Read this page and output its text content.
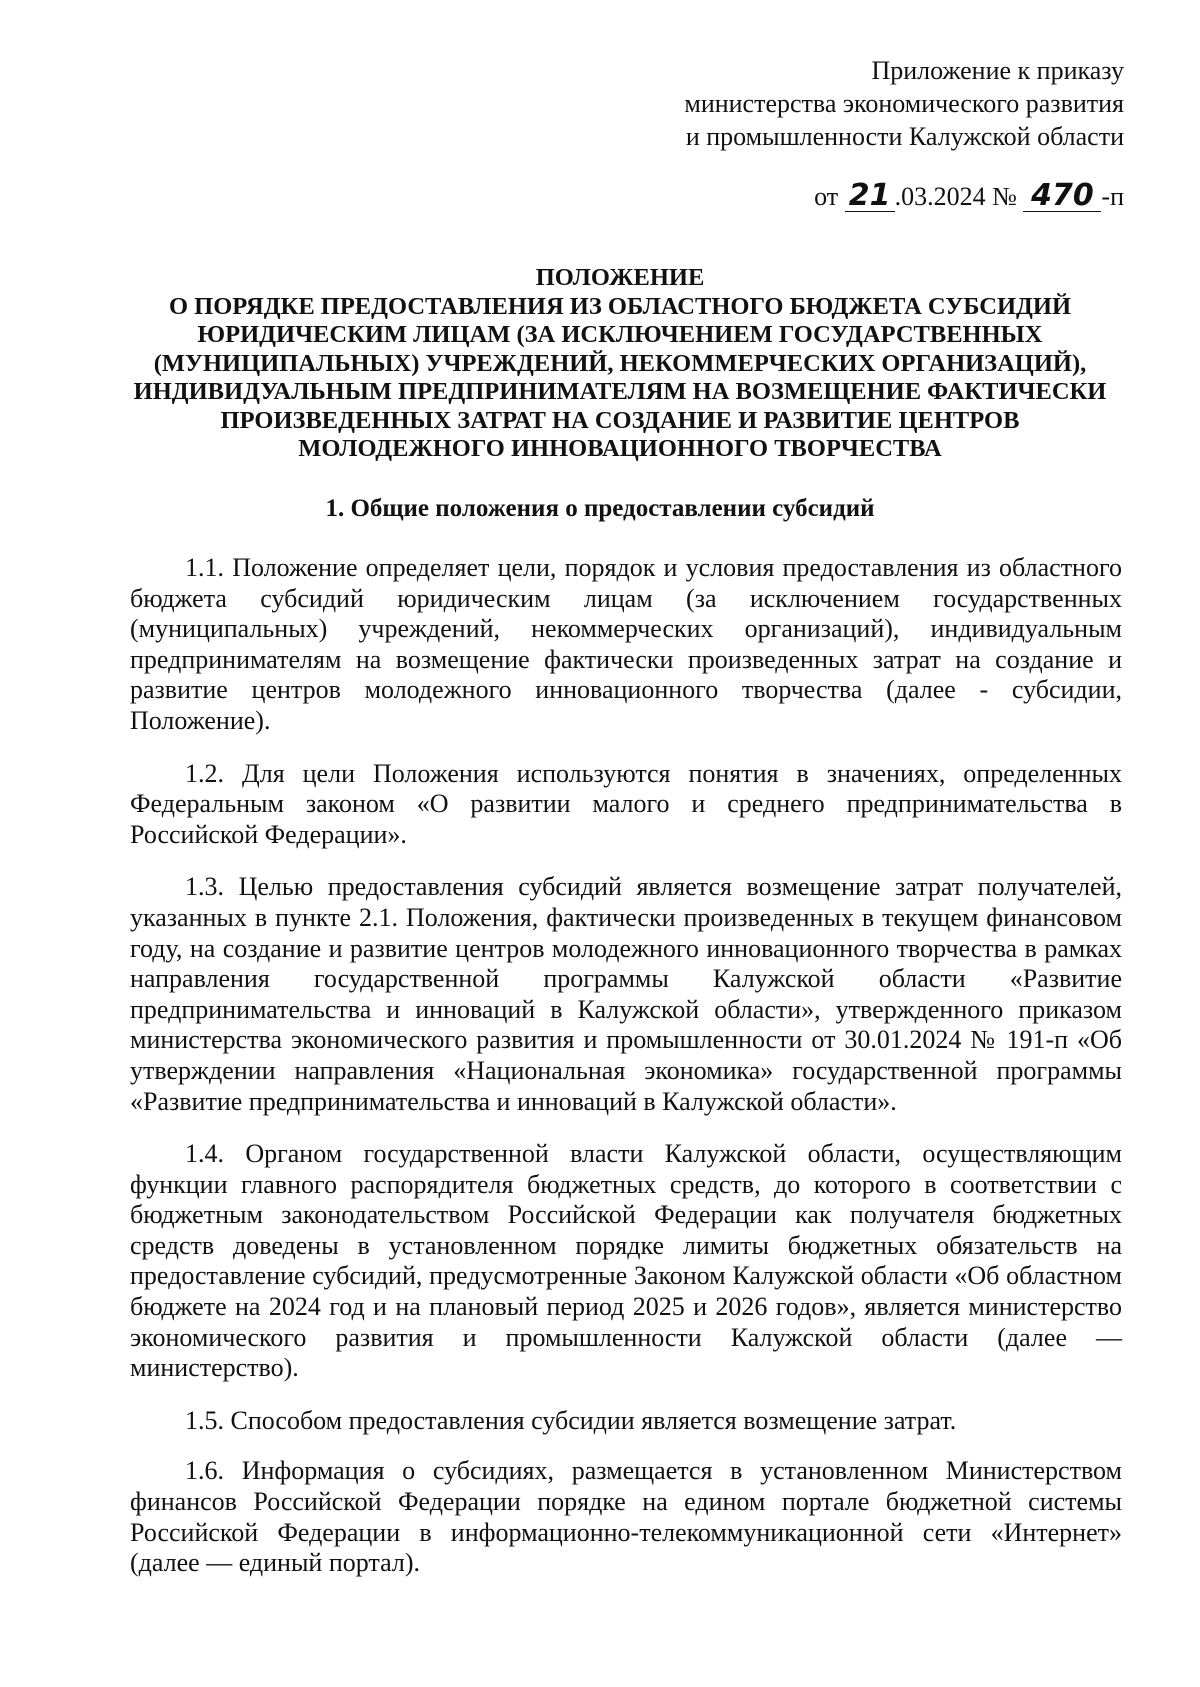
Приложение к приказу
министерства экономического развития
и промышленности Калужской области
от 21 .03.2024 № 470 -п
ПОЛОЖЕНИЕ
О ПОРЯДКЕ ПРЕДОСТАВЛЕНИЯ ИЗ ОБЛАСТНОГО БЮДЖЕТА СУБСИДИЙ
ЮРИДИЧЕСКИМ ЛИЦАМ (ЗА ИСКЛЮЧЕНИЕМ ГОСУДАРСТВЕННЫХ
(МУНИЦИПАЛЬНЫХ) УЧРЕЖДЕНИЙ, НЕКОММЕРЧЕСКИХ ОРГАНИЗАЦИЙ),
ИНДИВИДУАЛЬНЫМ ПРЕДПРИНИМАТЕЛЯМ НА ВОЗМЕЩЕНИЕ ФАКТИЧЕСКИ
ПРОИЗВЕДЕННЫХ ЗАТРАТ НА СОЗДАНИЕ И РАЗВИТИЕ ЦЕНТРОВ
МОЛОДЕЖНОГО ИННОВАЦИОННОГО ТВОРЧЕСТВА
1. Общие положения о предоставлении субсидий

1.1. Положение определяет цели, порядок и условия предоставления из областного бюджета субсидий юридическим лицам (за исключением государственных (муниципальных) учреждений, некоммерческих организаций), индивидуальным предпринимателям на возмещение фактически произведенных затрат на создание и развитие центров молодежного инновационного творчества (далее - субсидии, Положение).

1.2. Для цели Положения используются понятия в значениях, определенных Федеральным законом «О развитии малого и среднего предпринимательства в Российской Федерации».

1.3. Целью предоставления субсидий является возмещение затрат получателей, указанных в пункте 2.1. Положения, фактически произведенных в текущем финансовом году, на создание и развитие центров молодежного инновационного творчества в рамках направления государственной программы Калужской области «Развитие предпринимательства и инноваций в Калужской области», утвержденного приказом министерства экономического развития и промышленности от 30.01.2024 № 191-п «Об утверждении направления «Национальная экономика» государственной программы «Развитие предпринимательства и инноваций в Калужской области».

1.4. Органом государственной власти Калужской области, осуществляющим функции главного распорядителя бюджетных средств, до которого в соответствии с бюджетным законодательством Российской Федерации как получателя бюджетных средств доведены в установленном порядке лимиты бюджетных обязательств на предоставление субсидий, предусмотренные Законом Калужской области «Об областном бюджете на 2024 год и на плановый период 2025 и 2026 годов», является министерство экономического развития и промышленности Калужской области (далее — министерство).

1.5. Способом предоставления субсидии является возмещение затрат.

1.6. Информация о субсидиях, размещается в установленном Министерством финансов Российской Федерации порядке на едином портале бюджетной системы Российской Федерации в информационно-телекоммуникационной сети «Интернет» (далее — единый портал).
